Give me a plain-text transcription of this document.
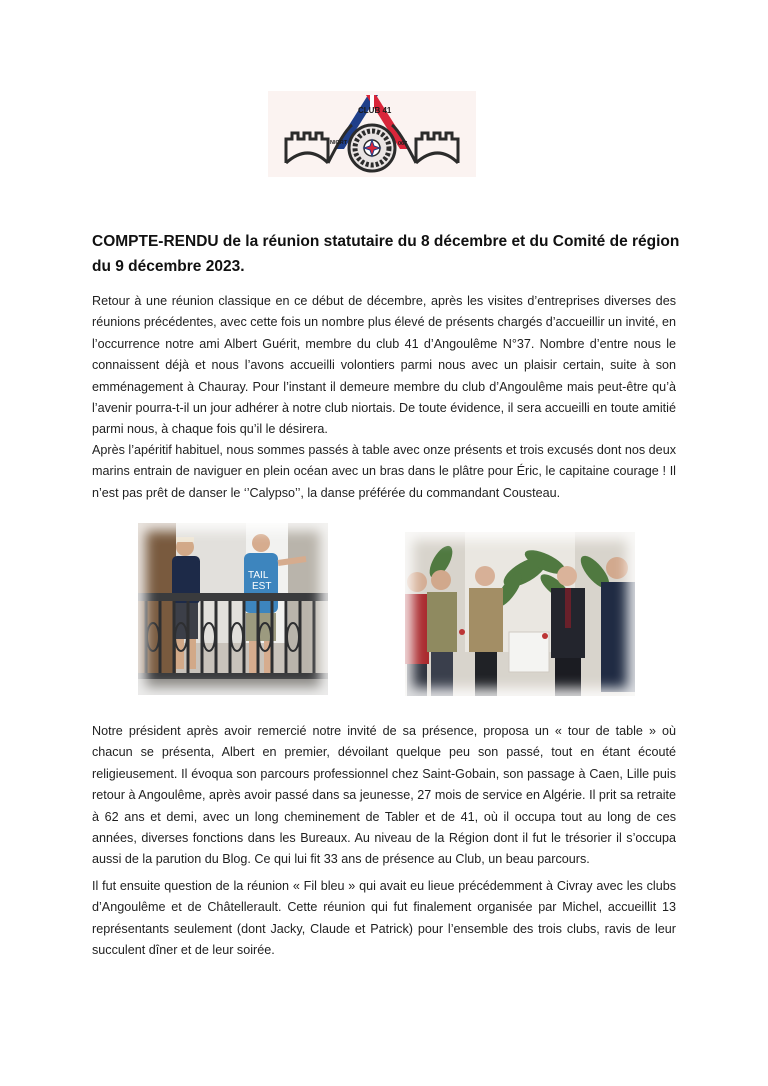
CLUB 41
NIORT	067
COMPTE-RENDU de la réunion statutaire du 8 décembre et du Comité de région du 9 décembre 2023.

Retour à une réunion classique en ce début de décembre, après les visites d’entreprises diverses des réunions précédentes, avec cette fois un nombre plus élevé de présents chargés d’accueillir un invité, en l’occurrence notre ami Albert Guérit, membre du club 41 d’Angoulême N°37. Nombre d’entre nous le connaissent déjà et nous l’avons accueilli volontiers parmi nous avec un plaisir certain, suite à son emménagement à Chauray. Pour l’instant il demeure membre du club d’Angoulême mais peut-être qu’à l’avenir pourra-t-il un jour adhérer à notre club niortais. De toute évidence, il sera accueilli en toute amitié parmi nous, à chaque fois qu’il le désirera.

Après l’apéritif habituel, nous sommes passés à table avec onze présents et trois excusés dont nos deux marins entrain de naviguer en plein océan avec un bras dans le plâtre pour Éric, le capitaine courage ! Il n’est pas prêt de danser le ‘’Calypso’’, la danse préférée du commandant Cousteau.

TAIL
EST

Notre président après avoir remercié notre invité de sa présence, proposa un « tour de table » où chacun se présenta, Albert en premier, dévoilant quelque peu son passé, tout en étant écouté religieusement. Il évoqua son parcours professionnel chez Saint-Gobain, son passage à Caen, Lille puis retour à Angoulême, après avoir passé dans sa jeunesse, 27 mois de service en Algérie. Il prit sa retraite à 62 ans et demi, avec un long cheminement de Tabler et de 41, où il occupa tout au long de ces années, diverses fonctions dans les Bureaux. Au niveau de la Région dont il fut le trésorier il s’occupa aussi de la parution du Blog. Ce qui lui fit 33 ans de présence au Club, un beau parcours.

Il fut ensuite question de la réunion « Fil bleu » qui avait eu lieue précédemment à Civray avec les clubs d’Angoulême et de Châtellerault. Cette réunion qui fut finalement organisée par Michel, accueillit 13 représentants seulement (dont Jacky, Claude et Patrick) pour l’ensemble des trois clubs, ravis de leur succulent dîner et de leur soirée.
